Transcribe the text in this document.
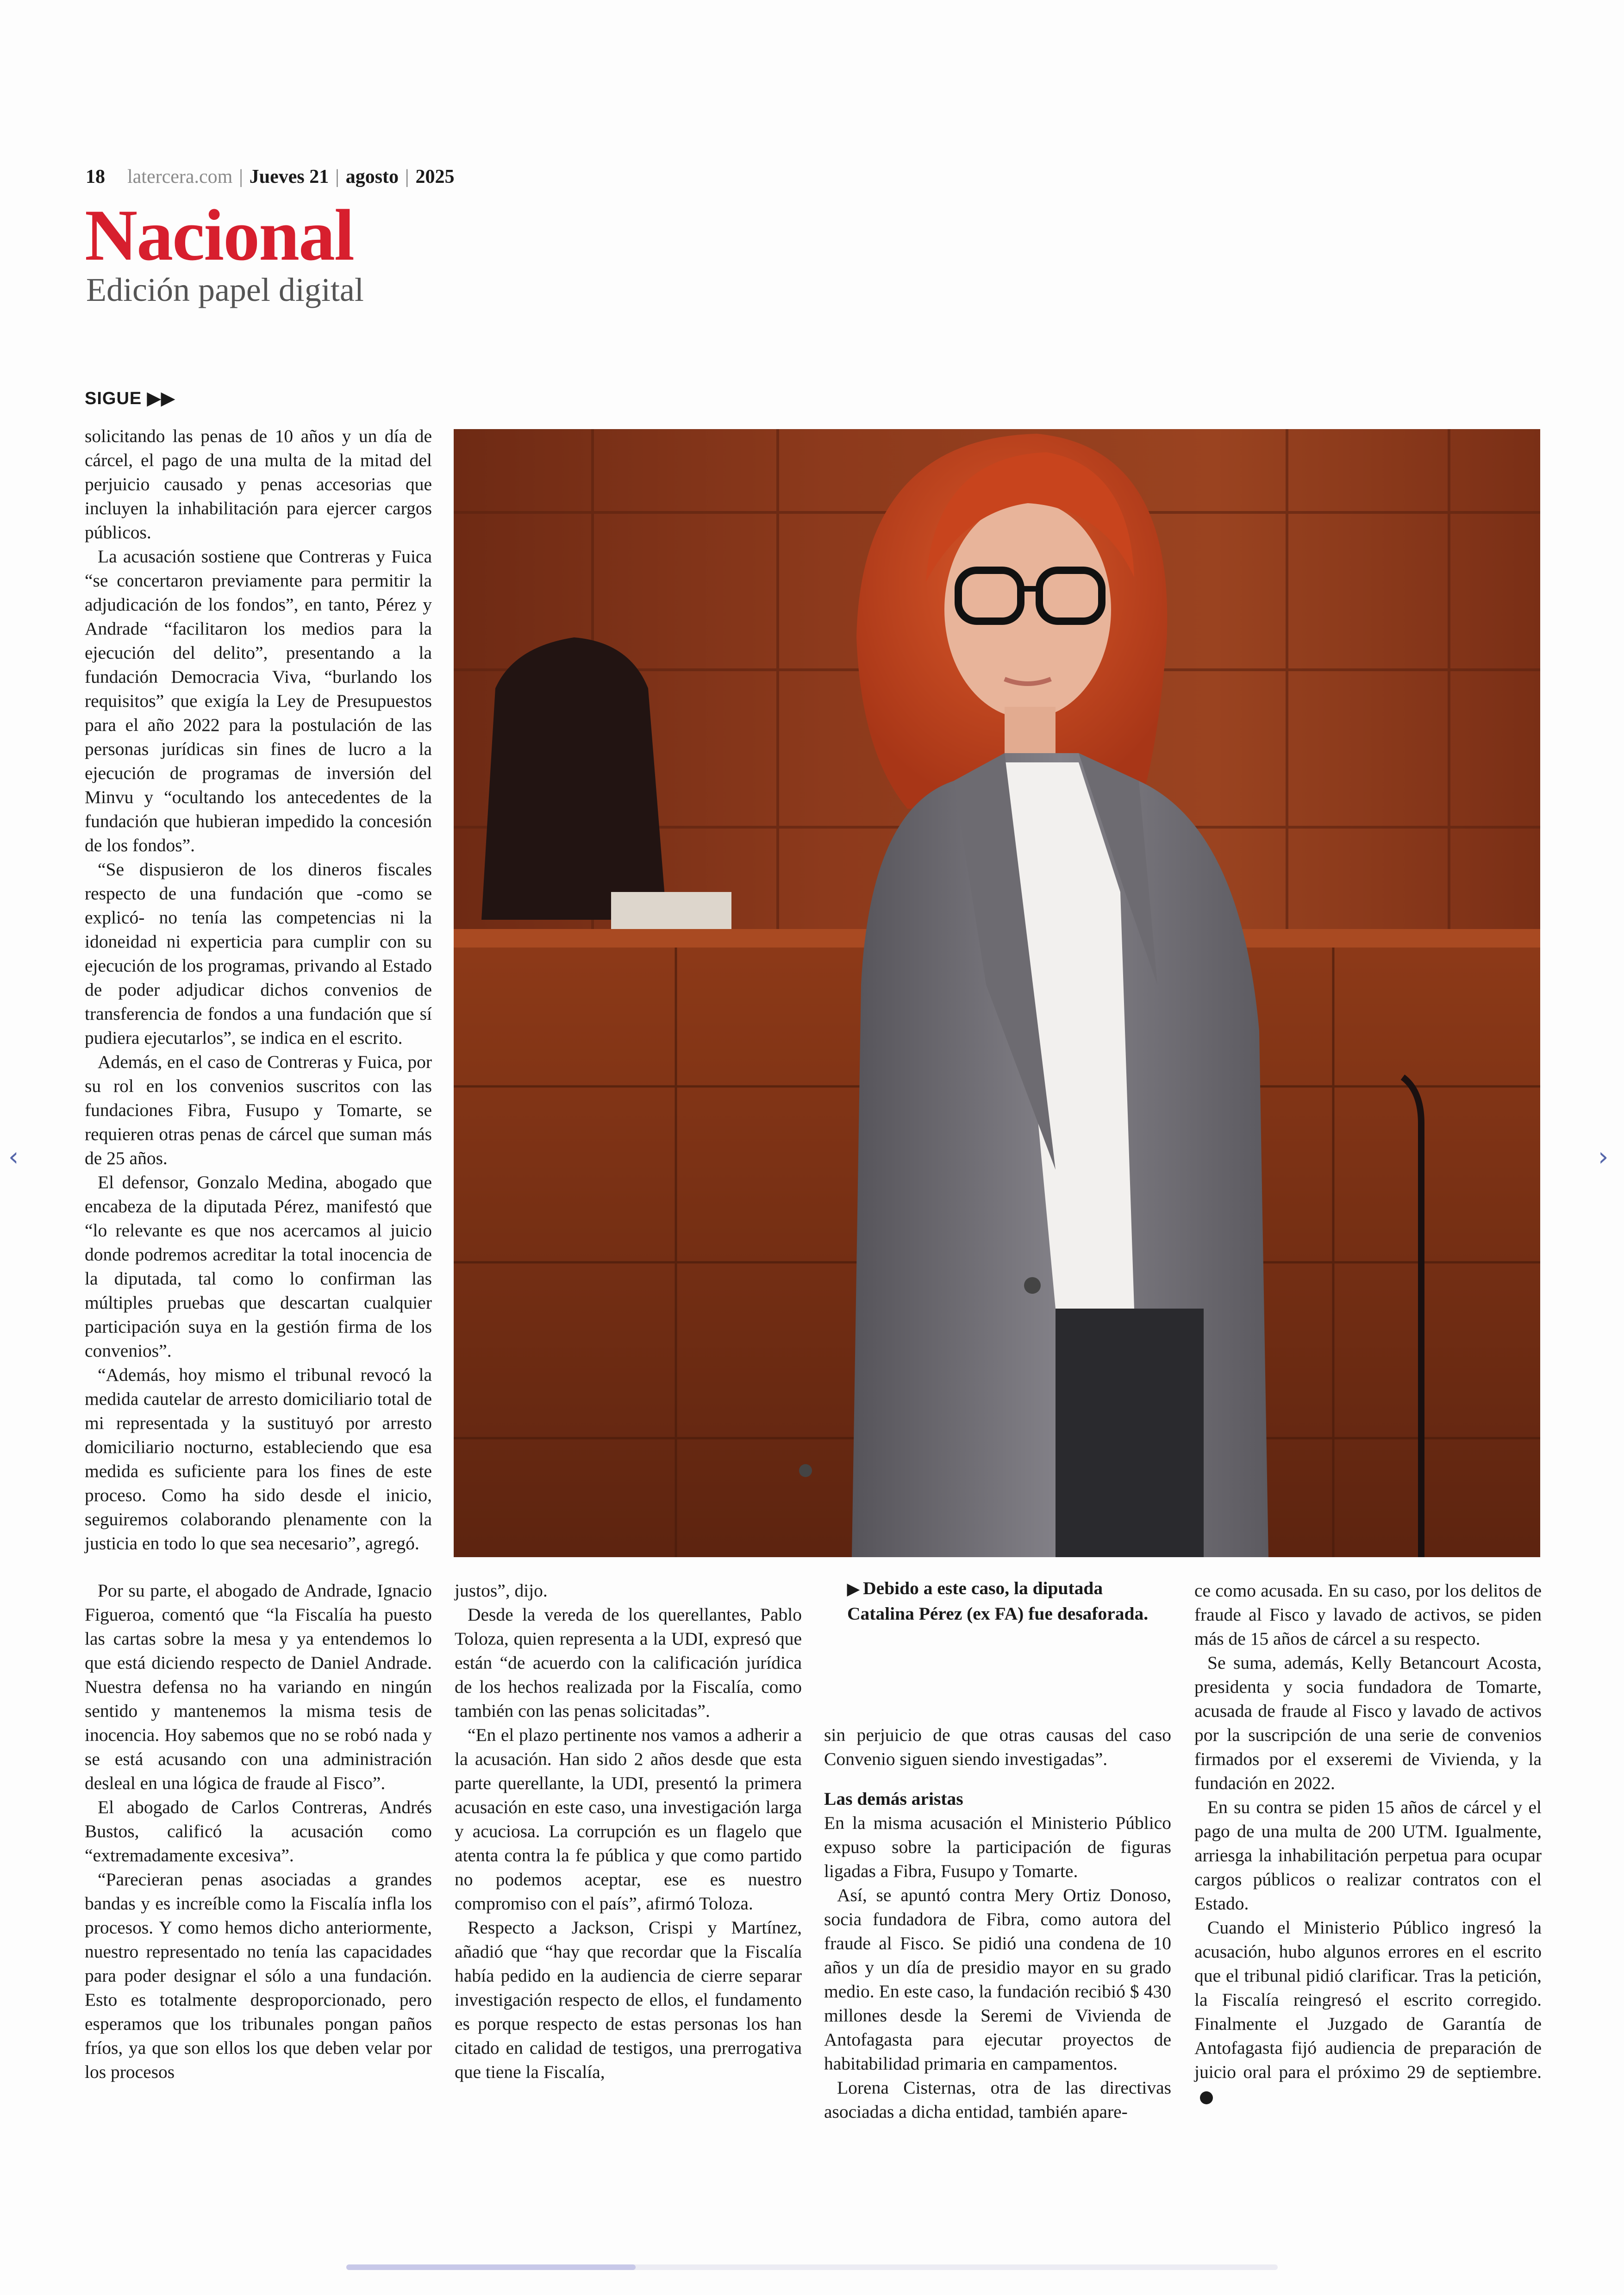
18 latercera.com | Jueves 21 | agosto | 2025
Nacional
Edición papel digital
SIGUE ▶▶

solicitando las penas de 10 años y un día de cárcel, el pago de una multa de la mitad del perjuicio causado y penas accesorias que incluyen la inhabilitación para ejercer cargos públicos.

La acusación sostiene que Contreras y Fuica “se concertaron previamente para permitir la adjudicación de los fondos”, en tanto, Pérez y Andrade “facilitaron los medios para la ejecución del delito”, presentando a la fundación Democracia Viva, “burlando los requisitos” que exigía la Ley de Presupuestos para el año 2022 para la postulación de las personas jurídicas sin fines de lucro a la ejecución de programas de inversión del Minvu y “ocultando los antecedentes de la fundación que hubieran impedido la concesión de los fondos”.

“Se dispusieron de los dineros fiscales respecto de una fundación que -como se explicó- no tenía las competencias ni la idoneidad ni experticia para cumplir con su ejecución de los programas, privando al Estado de poder adjudicar dichos convenios de transferencia de fondos a una fundación que sí pudiera ejecutarlos”, se indica en el escrito.

Además, en el caso de Contreras y Fuica, por su rol en los convenios suscritos con las fundaciones Fibra, Fusupo y Tomarte, se requieren otras penas de cárcel que suman más de 25 años.

El defensor, Gonzalo Medina, abogado que encabeza de la diputada Pérez, manifestó que “lo relevante es que nos acercamos al juicio donde podremos acreditar la total inocencia de la diputada, tal como lo confirman las múltiples pruebas que descartan cualquier participación suya en la gestión firma de los convenios”.

“Además, hoy mismo el tribunal revocó la medida cautelar de arresto domiciliario total de mi representada y la sustituyó por arresto domiciliario nocturno, estableciendo que esa medida es suficiente para los fines de este proceso. Como ha sido desde el inicio, seguiremos colaborando plenamente con la justicia en todo lo que sea necesario”, agregó.

Por su parte, el abogado de Andrade, Ignacio Figueroa, comentó que “la Fiscalía ha puesto las cartas sobre la mesa y ya entendemos lo que está diciendo respecto de Daniel Andrade. Nuestra defensa no ha variando en ningún sentido y mantenemos la misma tesis de inocencia. Hoy sabemos que no se robó nada y se está acusando con una administración desleal en una lógica de fraude al Fisco”.

El abogado de Carlos Contreras, Andrés Bustos, calificó la acusación como “extremadamente excesiva”.

“Parecieran penas asociadas a grandes bandas y es increíble como la Fiscalía infla los procesos. Y como hemos dicho anteriormente, nuestro representado no tenía las capacidades para poder designar el sólo a una fundación. Esto es totalmente desproporcionado, pero esperamos que los tribunales pongan paños fríos, ya que son ellos los que deben velar por los procesos

justos”, dijo.

Desde la vereda de los querellantes, Pablo Toloza, quien representa a la UDI, expresó que están “de acuerdo con la calificación jurídica de los hechos realizada por la Fiscalía, como también con las penas solicitadas”.

“En el plazo pertinente nos vamos a adherir a la acusación. Han sido 2 años desde que esta parte querellante, la UDI, presentó la primera acusación en este caso, una investigación larga y acuciosa. La corrupción es un flagelo que atenta contra la fe pública y que como partido no podemos aceptar, ese es nuestro compromiso con el país”, afirmó Toloza.

Respecto a Jackson, Crispi y Martínez, añadió que “hay que recordar que la Fiscalía había pedido en la audiencia de cierre separar investigación respecto de ellos, el fundamento es porque respecto de estas personas los han citado en calidad de testigos, una prerrogativa que tiene la Fiscalía,

▶ Debido a este caso, la diputada Catalina Pérez (ex FA) fue desaforada.

sin perjuicio de que otras causas del caso Convenio siguen siendo investigadas”.

Las demás aristas

En la misma acusación el Ministerio Público expuso sobre la participación de figuras ligadas a Fibra, Fusupo y Tomarte.

Así, se apuntó contra Mery Ortiz Donoso, socia fundadora de Fibra, como autora del fraude al Fisco. Se pidió una condena de 10 años y un día de presidio mayor en su grado medio. En este caso, la fundación recibió $ 430 millones desde la Seremi de Vivienda de Antofagasta para ejecutar proyectos de habitabilidad primaria en campamentos.

Lorena Cisternas, otra de las directivas asociadas a dicha entidad, también apare-

ce como acusada. En su caso, por los delitos de fraude al Fisco y lavado de activos, se piden más de 15 años de cárcel a su respecto.

Se suma, además, Kelly Betancourt Acosta, presidenta y socia fundadora de Tomarte, acusada de fraude al Fisco y lavado de activos por la suscripción de una serie de convenios firmados por el exseremi de Vivienda, y la fundación en 2022.

En su contra se piden 15 años de cárcel y el pago de una multa de 200 UTM. Igualmente, arriesga la inhabilitación perpetua para ocupar cargos públicos o realizar contratos con el Estado.

Cuando el Ministerio Público ingresó la acusación, hubo algunos errores en el escrito que el tribunal pidió clarificar. Tras la petición, la Fiscalía reingresó el escrito corregido. Finalmente el Juzgado de Garantía de Antofagasta fijó audiencia de preparación de juicio oral para el próximo 29 de septiembre.

‹	›
